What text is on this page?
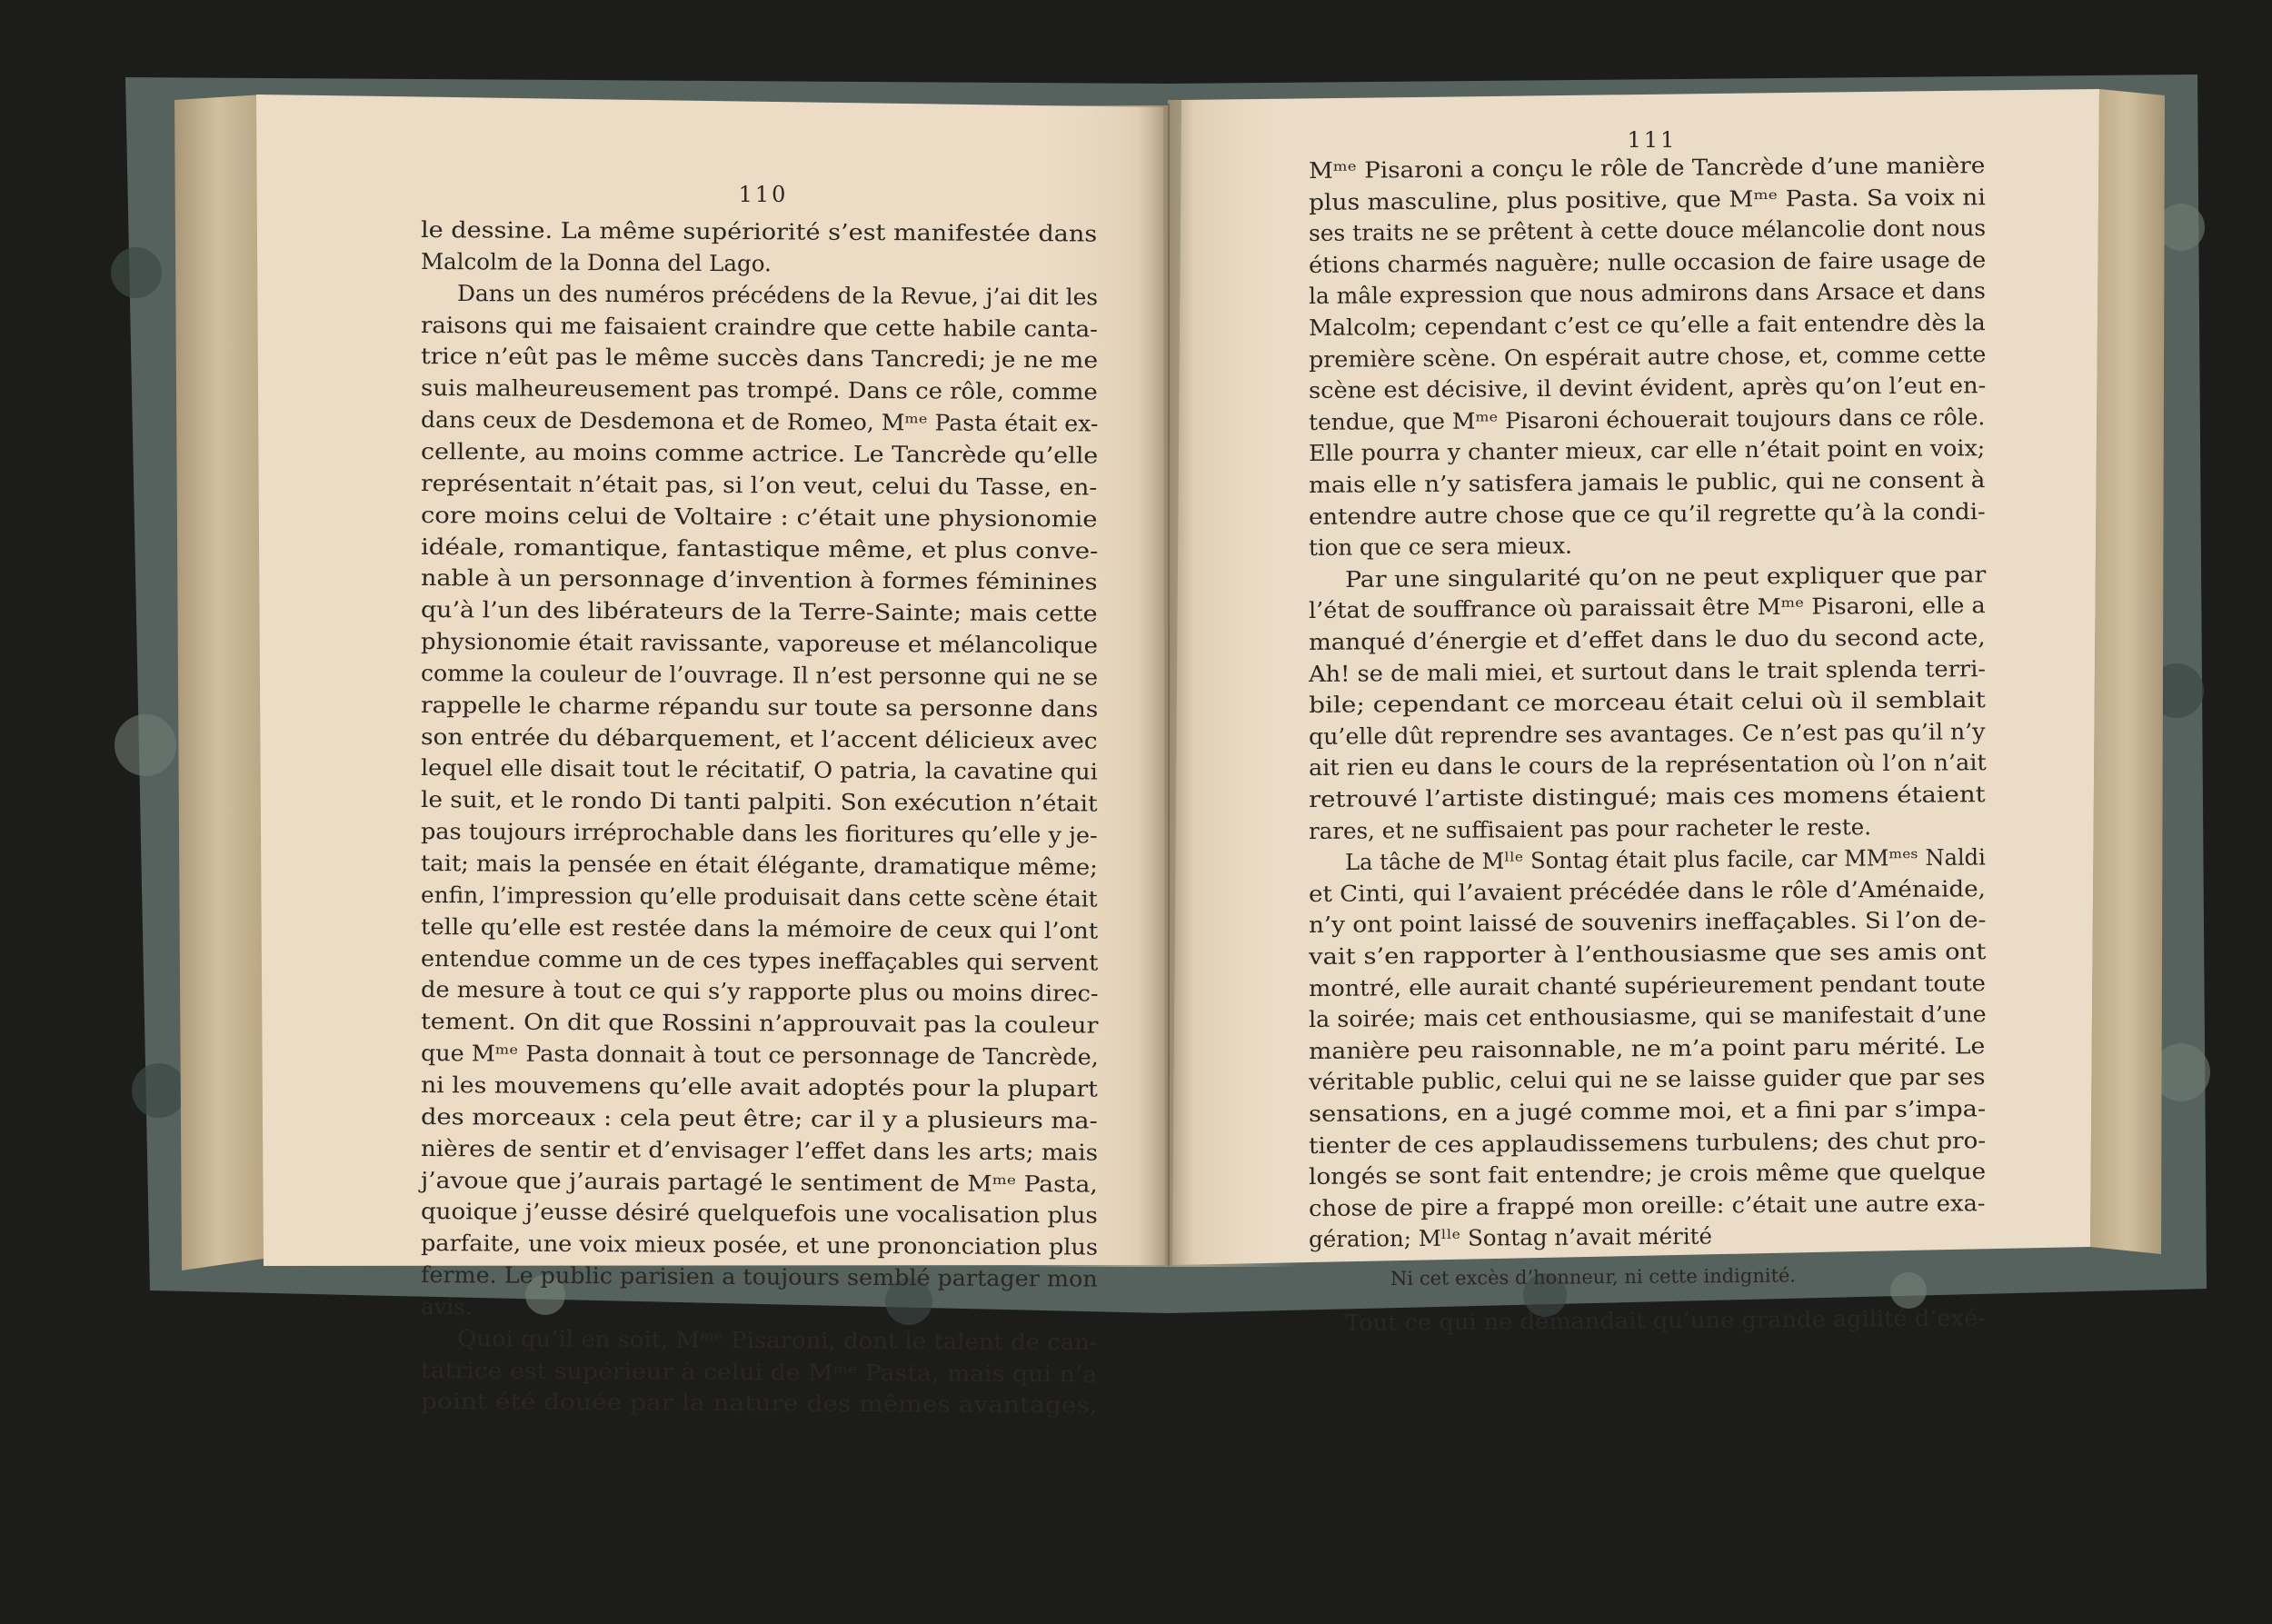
le dessine. La même supériorité s’est manifestée dans
Malcolm de la Donna del Lago.
Dans un des numéros précédens de la Revue, j’ai dit les
raisons qui me faisaient craindre que cette habile canta-
trice n’eût pas le même succès dans Tancredi; je ne me
suis malheureusement pas trompé. Dans ce rôle, comme
dans ceux de Desdemona et de Romeo, Mᵐᵉ Pasta était ex-
cellente, au moins comme actrice. Le Tancrède qu’elle
représentait n’était pas, si l’on veut, celui du Tasse, en-
core moins celui de Voltaire : c’était une physionomie
idéale, romantique, fantastique même, et plus conve-
nable à un personnage d’invention à formes féminines
qu’à l’un des libérateurs de la Terre-Sainte; mais cette
physionomie était ravissante, vaporeuse et mélancolique
comme la couleur de l’ouvrage. Il n’est personne qui ne se
rappelle le charme répandu sur toute sa personne dans
son entrée du débarquement, et l’accent délicieux avec
lequel elle disait tout le récitatif, O patria, la cavatine qui
le suit, et le rondo Di tanti palpiti. Son exécution n’était
pas toujours irréprochable dans les fioritures qu’elle y je-
tait; mais la pensée en était élégante, dramatique même;
enfin, l’impression qu’elle produisait dans cette scène était
telle qu’elle est restée dans la mémoire de ceux qui l’ont
entendue comme un de ces types ineffaçables qui servent
de mesure à tout ce qui s’y rapporte plus ou moins direc-
tement. On dit que Rossini n’approuvait pas la couleur
que Mᵐᵉ Pasta donnait à tout ce personnage de Tancrède,
ni les mouvemens qu’elle avait adoptés pour la plupart
des morceaux : cela peut être; car il y a plusieurs ma-
nières de sentir et d’envisager l’effet dans les arts; mais
j’avoue que j’aurais partagé le sentiment de Mᵐᵉ Pasta,
quoique j’eusse désiré quelquefois une vocalisation plus
parfaite, une voix mieux posée, et une prononciation plus
ferme. Le public parisien a toujours semblé partager mon
avis.
Quoi qu’il en soit, Mᵐᵉ Pisaroni, dont le talent de can-
tatrice est supérieur à celui de Mᵐᵉ Pasta, mais qui n’a
point été douée par la nature des mêmes avantages,
Mᵐᵉ Pisaroni a conçu le rôle de Tancrède d’une manière
plus masculine, plus positive, que Mᵐᵉ Pasta. Sa voix ni
ses traits ne se prêtent à cette douce mélancolie dont nous
étions charmés naguère; nulle occasion de faire usage de
la mâle expression que nous admirons dans Arsace et dans
Malcolm; cependant c’est ce qu’elle a fait entendre dès la
première scène. On espérait autre chose, et, comme cette
scène est décisive, il devint évident, après qu’on l’eut en-
tendue, que Mᵐᵉ Pisaroni échouerait toujours dans ce rôle.
Elle pourra y chanter mieux, car elle n’était point en voix;
mais elle n’y satisfera jamais le public, qui ne consent à
entendre autre chose que ce qu’il regrette qu’à la condi-
tion que ce sera mieux.
Par une singularité qu’on ne peut expliquer que par
l’état de souffrance où paraissait être Mᵐᵉ Pisaroni, elle a
manqué d’énergie et d’effet dans le duo du second acte,
Ah! se de mali miei, et surtout dans le trait splenda terri-
bile; cependant ce morceau était celui où il semblait
qu’elle dût reprendre ses avantages. Ce n’est pas qu’il n’y
ait rien eu dans le cours de la représentation où l’on n’ait
retrouvé l’artiste distingué; mais ces momens étaient
rares, et ne suffisaient pas pour racheter le reste.
La tâche de Mˡˡᵉ Sontag était plus facile, car MMᵐᵉˢ Naldi
et Cinti, qui l’avaient précédée dans le rôle d’Aménaide,
n’y ont point laissé de souvenirs ineffaçables. Si l’on de-
vait s’en rapporter à l’enthousiasme que ses amis ont
montré, elle aurait chanté supérieurement pendant toute
la soirée; mais cet enthousiasme, qui se manifestait d’une
manière peu raisonnable, ne m’a point paru mérité. Le
véritable public, celui qui ne se laisse guider que par ses
sensations, en a jugé comme moi, et a fini par s’impa-
tienter de ces applaudissemens turbulens; des chut pro-
longés se sont fait entendre; je crois même que quelque
chose de pire a frappé mon oreille: c’était une autre exa-
gération; Mˡˡᵉ Sontag n’avait mérité
Ni cet excès d’honneur, ni cette indignité.
Tout ce qui ne demandait qu’une grande agilité d’exé-
110
111
